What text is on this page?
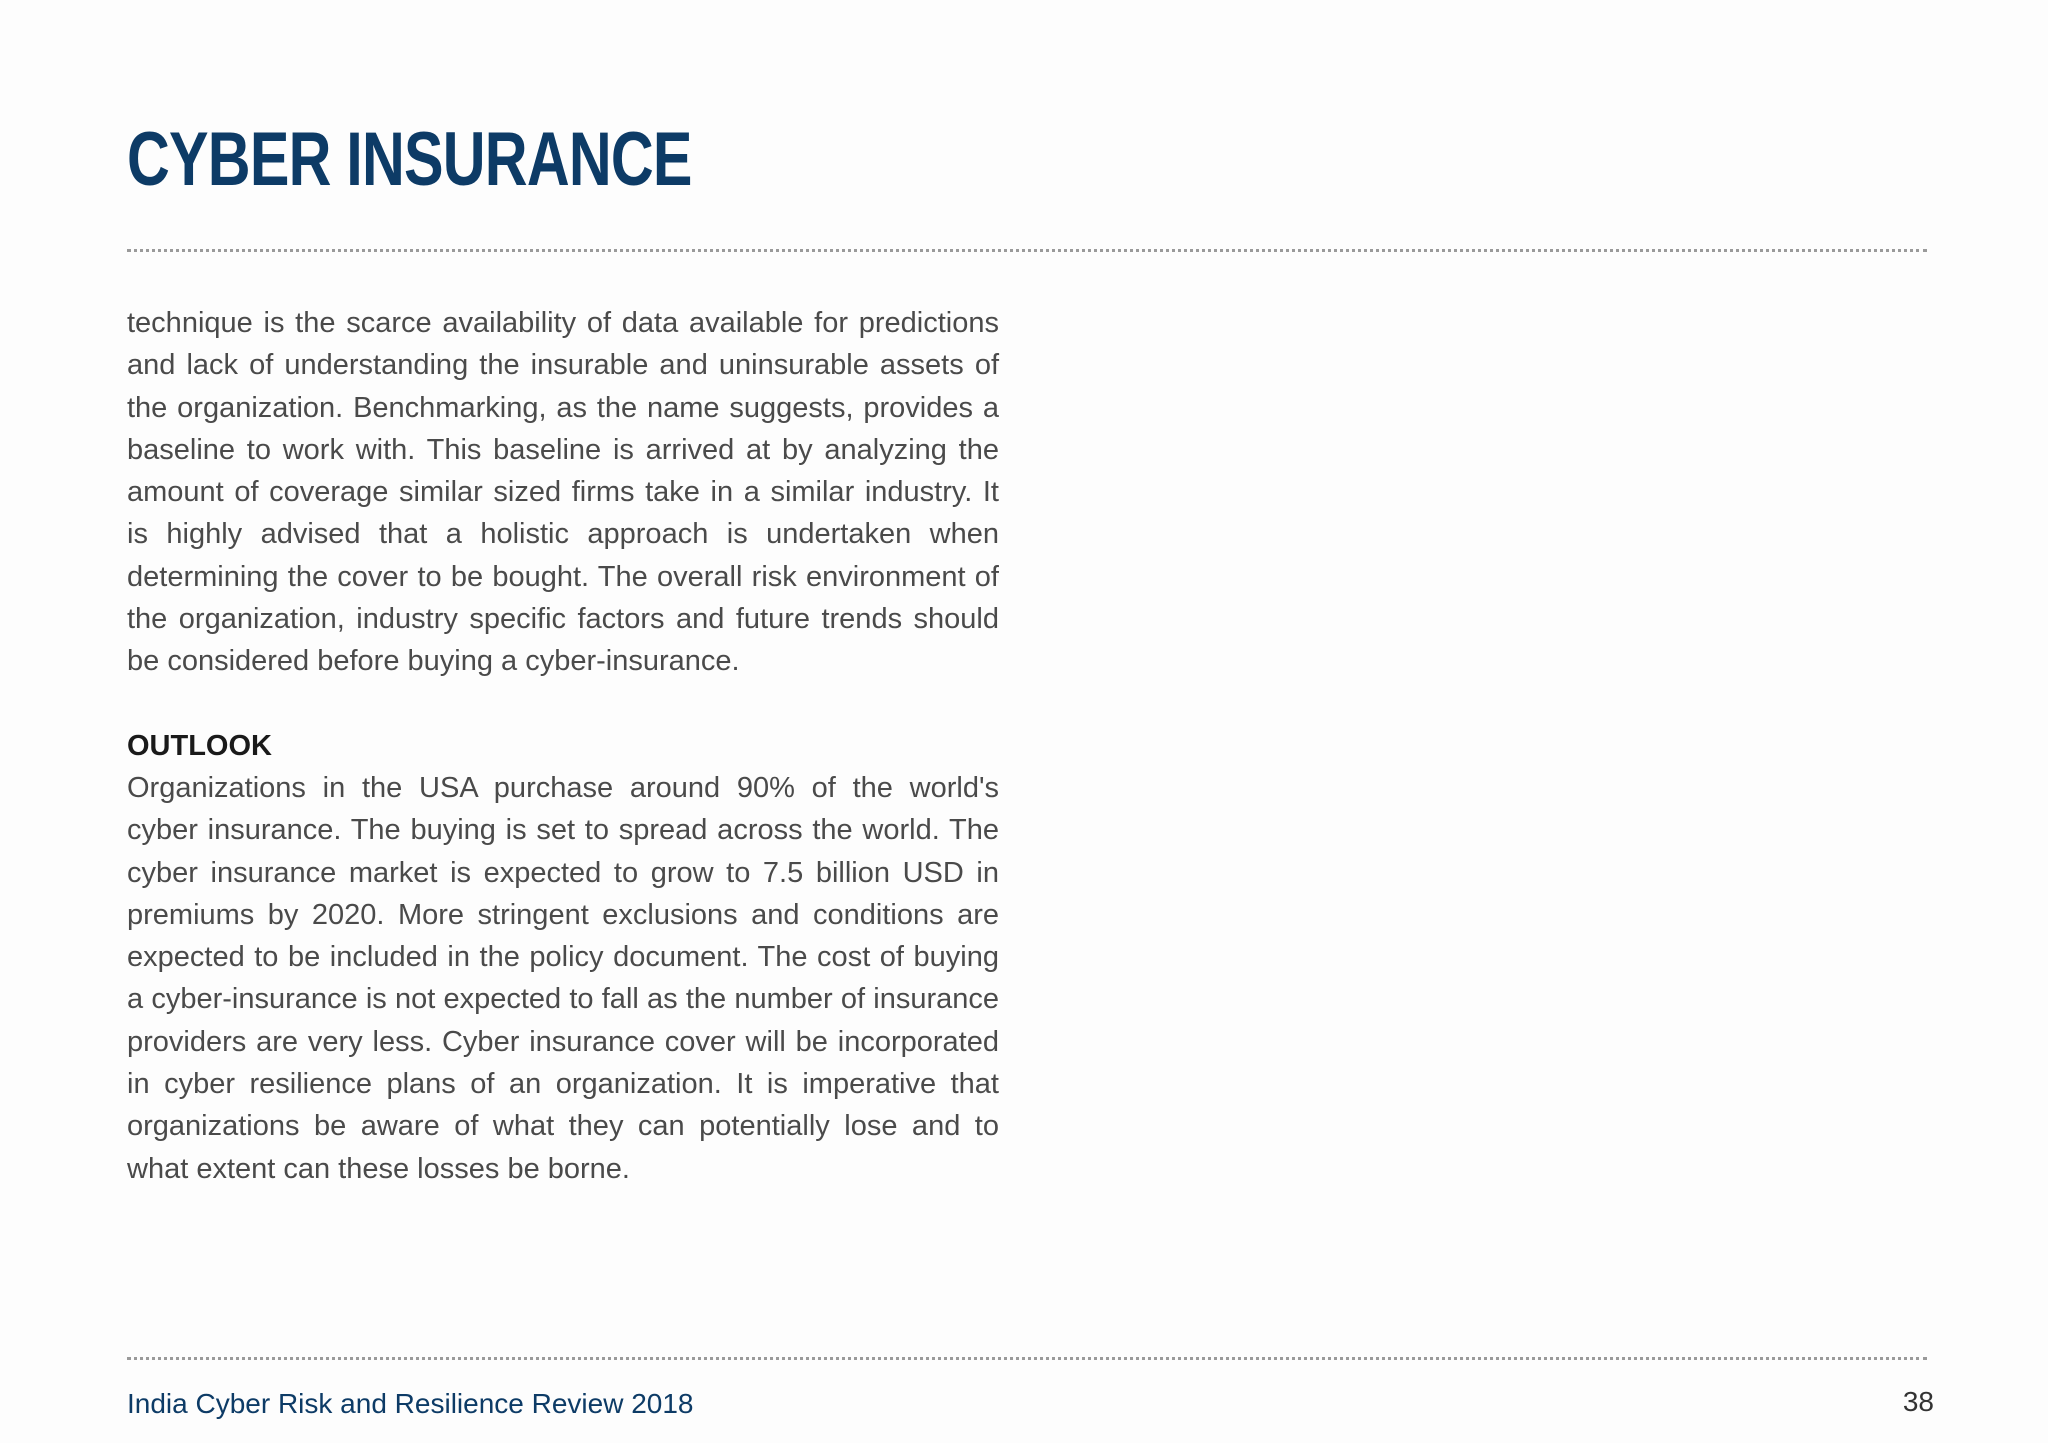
CYBER INSURANCE

technique is the scarce availability of data available for predictions and lack of understanding the insurable and uninsurable assets of the organization. Benchmarking, as the name suggests, provides a baseline to work with. This baseline is arrived at by analyzing the amount of coverage similar sized firms take in a similar industry. It is highly advised that a holistic approach is undertaken when determining the cover to be bought. The overall risk environment of the organization, industry specific factors and future trends should be considered before buying a cyber-insurance.

OUTLOOK

Organizations in the USA purchase around 90% of the world's cyber insurance. The buying is set to spread across the world. The cyber insurance market is expected to grow to 7.5 billion USD in premiums by 2020. More stringent exclusions and conditions are expected to be included in the policy document. The cost of buying a cyber-insurance is not expected to fall as the number of insurance providers are very less. Cyber insurance cover will be incorporated in cyber resilience plans of an organization. It is imperative that organizations be aware of what they can potentially lose and to what extent can these losses be borne.

India Cyber Risk and Resilience Review 2018	38
